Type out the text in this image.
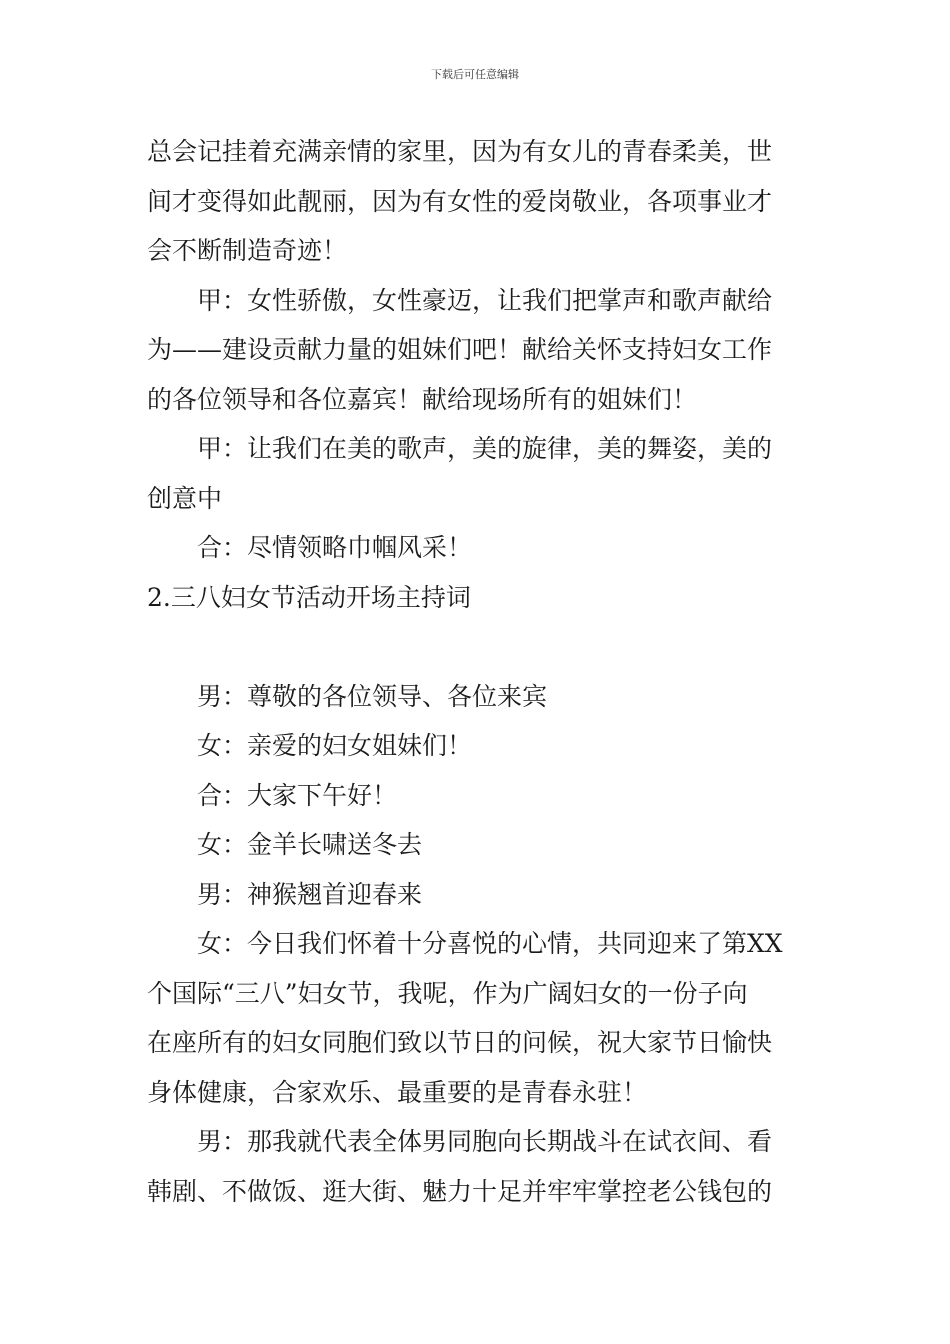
下载后可任意编辑
总会记挂着充满亲情的家里，因为有女儿的青春柔美，世
间才变得如此靓丽，因为有女性的爱岗敬业，各项事业才
会不断制造奇迹！
甲：女性骄傲，女性豪迈，让我们把掌声和歌声献给
为——建设贡献力量的姐妹们吧！献给关怀支持妇女工作
的各位领导和各位嘉宾！献给现场所有的姐妹们！
甲：让我们在美的歌声，美的旋律，美的舞姿，美的
创意中
合：尽情领略巾帼风采！
2.三八妇女节活动开场主持词
男：尊敬的各位领导、各位来宾
女：亲爱的妇女姐妹们！
合：大家下午好！
女：金羊长啸送冬去
男：神猴翘首迎春来
女：今日我们怀着十分喜悦的心情，共同迎来了第XX
个国际“三八”妇女节，我呢，作为广阔妇女的一份子向
在座所有的妇女同胞们致以节日的问候，祝大家节日愉快
身体健康，合家欢乐、最重要的是青春永驻！
男：那我就代表全体男同胞向长期战斗在试衣间、看
韩剧、不做饭、逛大街、魅力十足并牢牢掌控老公钱包的
